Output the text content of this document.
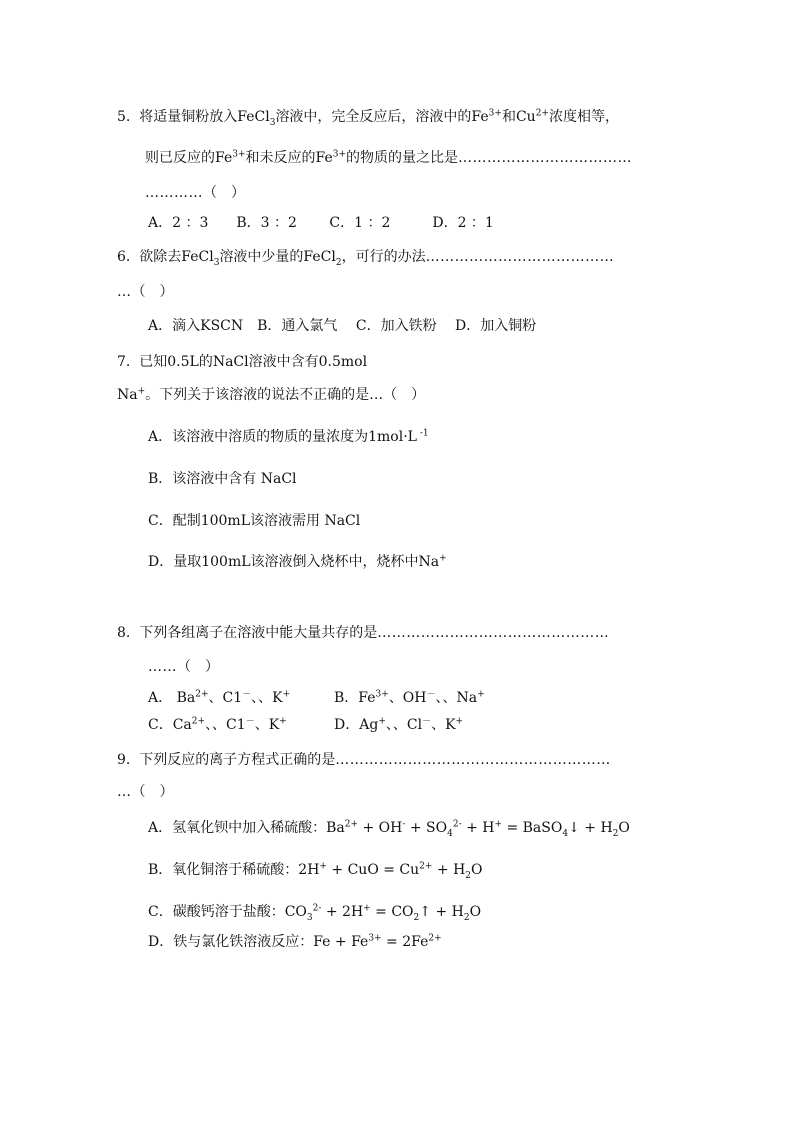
5. 将适量铜粉放入FeCl$_3$溶液中，完全反应后，溶液中的$Fe^{3+}$和$Cu^{2+}$浓度相等，
则已反应的$Fe^{3+}$和未反应的$Fe^{3+}$的物质的量之比是………………………………
…………（　）
A．2 ：3　　B．3 ：2　　 C．1 ：2　　　D．2 ：1
6. 欲除去FeCl$_3$溶液中少量的FeCl$_2$，可行的办法…………………………………
…（　）
A．滴入KSCN　B．通入氯气　 C．加入铁粉　 D．加入铜粉
7. 已知0.5L的NaCl溶液中含有0.5mol
Na+。下列关于该溶液的说法不正确的是…（　）
A．该溶液中溶质的物质的量浓度为1mol·L $^{-1}$
B．该溶液中含有 NaCl
C．配制100mL该溶液需用 NaCl
D．量取100mL该溶液倒入烧杯中，烧杯中Na+
8. 下列各组离子在溶液中能大量共存的是…………………………………………
……（　）
A． $Ba^{2+}$、C1－、、K+	B．$Fe^{3+}$、OH－、、Na+
C．$Ca^{2+}$、、C1－、K+	D．Ag+、、Cl－、K+
9. 下列反应的离子方程式正确的是…………………………………………………
…（　）
A．氢氧化钡中加入稀硫酸：$Ba^{2+} + OH^- + SO_4^{2-} + H^+$ = BaSO$_4$↓ + $H_2O$
B．氧化铜溶于稀硫酸：2H+ + CuO = $Cu^{2+} + H_2O$
C．碳酸钙溶于盐酸：$CO_3^{2-} + 2H^+$ = $CO_2↑ + H_2O$
D．铁与氯化铁溶液反应：$Fe + Fe^{3+} = 2Fe^{2+}$
